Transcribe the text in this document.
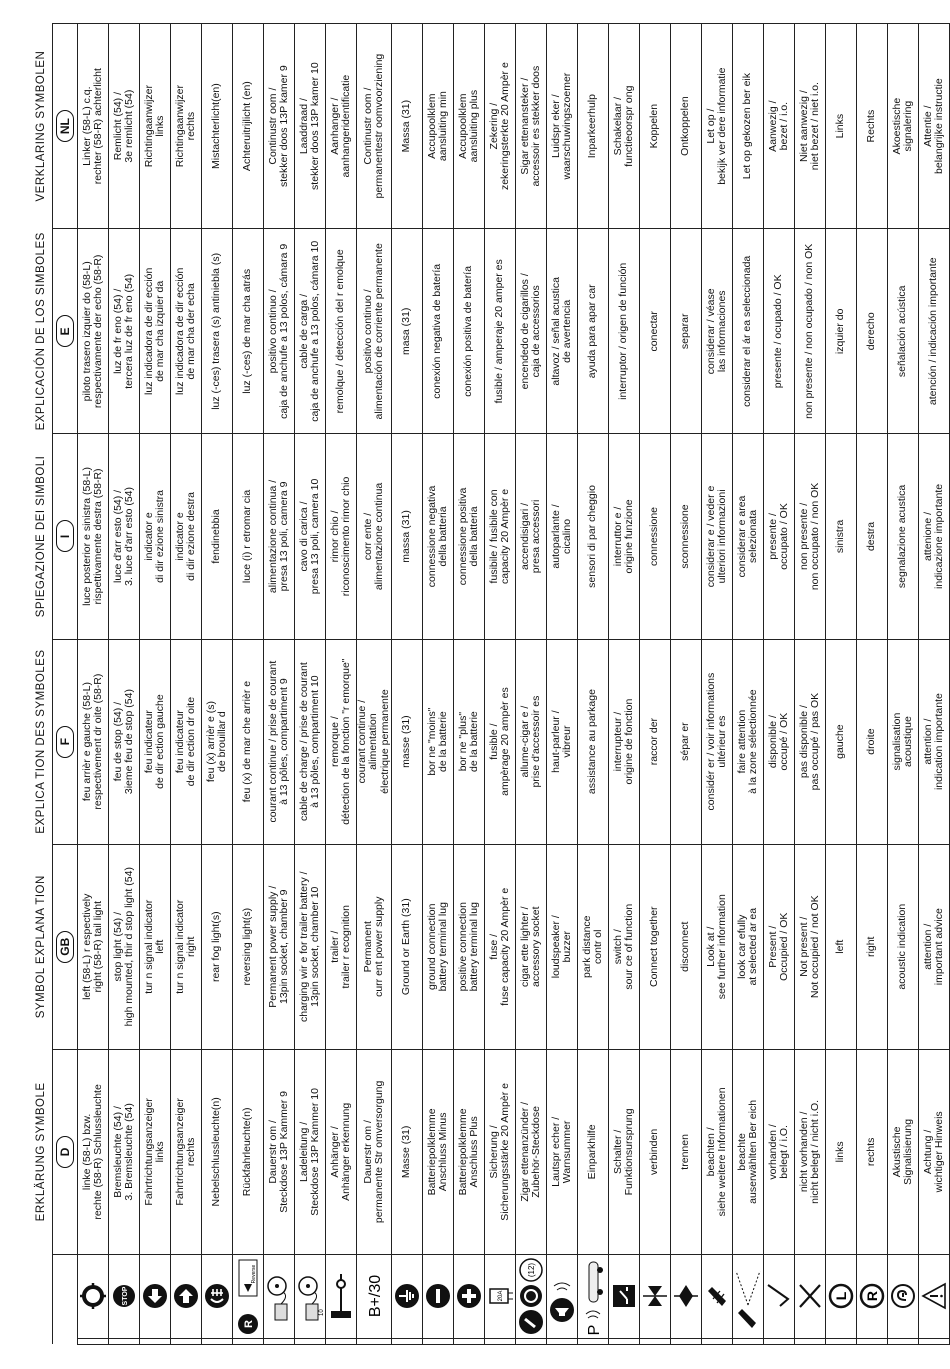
		ERKLÄRUNG SYMBOLE	SYMBOL EXPLANA TION	EXPLICA TION DES SYMBOLES	SPIEGAZIONE DEI SIMBOLI	EXPLICACIÓN DE LOS SIMBOLES	VERKLARING SYMBOLEN
		D	GB	F	I	E	NL

	linke (58-L) bzw.
rechte (58-R) Schlussleuchte	left (58-L) r espectively
right (58-R) tail light	feu arrièr e gauche (58-L)
respectivement dr oite (58-R)	luce posterior e sinistra (58-L)
rispettivamente destra (58-R)	piloto trasero izquier do (58-L)
respectivamente der echo (58-R)	Linker (58-L) c.q.
rechter (58-R) achterlicht

STOP	Bremsleuchte (54) /
3. Bremsleuchte (54)	stop light (54) /
high mounted, thir d stop light (54)	feu de stop (54) /
3ieme feu de stop (54)	luce d'arr esto (54) /
3. luce d'arr esto (54)	luz de fr eno (54) /
tercera luz de fr eno (54)	Remlicht (54) /
3e remlicht (54)

	Fahrtrichtungsanzeiger
links	tur n signal indicator
left	feu indicateur
de dir ection gauche	indicator e
di dir ezione sinistra	luz indicadora de dir ección
de mar cha izquier da	Richtingaanwijzer
links

	Fahrtrichtungsanzeiger
rechts	tur n signal indicator
right	feu indicateur
de dir ection dr oite	indicator e
di dir ezione destra	luz indicadora de dir ección
de mar cha der echa	Richtingaanwijzer
rechts

	Nebelschlussleuchte(n)	rear fog light(s)	feu (x) arrièr e (s)
de brouillar d	fendinebbia	luz (-ces) trasera (s) antiniebla (s)	Mistachterlicht(en)

R
Reverse	Rückfahrleuchte(n)	reversing light(s)	feu (x) de mar che arrièr e	luce (i) r etromar cia	luz (-ces) de mar cha atrás	Achteruitrijlicht (en)

	Dauerstr om /
Steckdose 13P Kammer 9	Permanent power supply /
13pin socket, chamber 9	courant continue / prise de courant
à 13 pôles, compartiment 9	alimentazione continua /
presa 13 poli, camera 9	positivo continuo /
caja de anchufe a 13 polos, cámara 9	Continustr oom /
stekker doos 13P kamer 9

10	Ladeleitung /
Steckdose 13P Kammer 10	charging wir e for trailer battery /
13pin socket, chamber 10	cable de charge / prise de courant
à 13 pôles, compartiment 10	cavo di carica /
presa 13 poli, camera 10	cable de carga /
caja de anchufe a 13 polos, cámara 10	Laaddraad /
stekker doos 13P kamer 10

	Anhänger /
Anhänger erkennung	trailer /
trailer r ecognition	remorque /
détection de la fonction "r emorque"	rimor chio /
riconoscimento rimor chio	remolque / detección del r emolque	Aanhanger /
aanhangeridentificatie

B+/30	Dauerstr om /
permanente Str omversorgung	Permanent
curr ent power supply	courant continue /
alimentation
électrique permanente	corr ente /
alimentazione continua	positivo continuo /
alimentación de corriente permanente	Continustr oom /
permanentestr oomvoorziening

	Masse (31)	Ground or Earth (31)	masse (31)	massa (31)	masa (31)	Massa (31)

	Batteriepolklemme
Anschluss Minus	ground connection
battery terminal lug	bor ne "moins"
de la batterie	connessione negativa
della batteria	conexión negativa de batería	Accupoolklem
aansluiting min

	Batteriepolklemme
Anschluss Plus	positive connection
battery terminal lug	bor ne "plus"
de la batterie	connessione positiva
della batteria	conexión positiva de batería	Accupoolklem
aansluiting plus

20A	Sicherung /
Sicherungsstärke 20 Ampèr e	fuse /
fuse capacity 20 Ampèr e	fusible /
ampèrage 20 ampèr es	fusibile / fusibile con
capacity 20 Ampèr e	fusible / amperaje 20 amper es	Zekering /
zekeringsterkte 20 Ampèr e

(12)	Zigar ettenanzünder /
Zubehör-Steckdose	cigar ette lighter /
accessory socket	allume-cigar e /
prise d'accessoir es	accendisigari /
presa accessori	encendedo de cigarillos /
caja de accessorios	Sigar ettenansteker /
accessoir es stekker doos

	Lautspr echer /
Warnsummer	loudspeaker /
buzzer	haut-parleur /
vibreur	autoparlante /
cicalino	altavoz / señal acustica
de avertencia	Luidspr eker /
waarschuwingszoemer

P	Einparkhilfe	park distance
contr ol	assistance au parkage	sensori di par cheggio	ayuda para apar car	Inparkeerhulp

	Schalter /
Funktionsursprung	switch /
sour ce of function	interrupteur /
origine de fonction	interruttor e /
origine funzione	interruptor / origen de función	Schakelaar /
functieoorspr ong

	verbinden	Connect together	raccor der	connessione	conectar	Koppelen

	trennen	disconnect	sépar er	sconnessione	separar	Ontkoppelen

	beachten /
siehe weitere Informationen	Look at /
see further information	considér er / voir informations
ultérieur es	considerar e / veder e
ulteriori informazioni	considerar / véase
las informaciones	Let op /
bekijk ver dere informatie

	beachte
auserwählten Ber eich	look car efully
at selected ar ea	faire attention
à la zone sélectionnée	considerar e area
selezionata	considerar el ár ea seleccionada	Let op gekozen ber eik

	vorhanden /
belegt / i.O.	Present /
Occupied / OK	disponible /
occupé / OK	presente /
occupato / OK	presente / ocupado / OK	Aanwezig /
bezet / i.o.

	nicht vorhanden /
nicht belegt / nicht i.O.	Not present /
Not occupied / not OK	pas disponible /
pas occupé / pas OK	non presente /
non occupato / non OK	non presente / non ocupado / non OK	Niet aanwezig /
niet bezet / niet i.o.

L	links	left	gauche	sinistra	izquier do	Links

R	rechts	right	droite	destra	derecho	Rechts

	Akustische
Signalisierung	acoustic indication	signalisation
acoustique	segnalazione acustica	señalación acústica	Akoestische
signalering

	Achtung /
wichtiger Hinweis	attention /
important advice	attention /
indication importante	attenione /
indicazione importante	atención / indicación importante	Attentie /
belangrijke instructie
